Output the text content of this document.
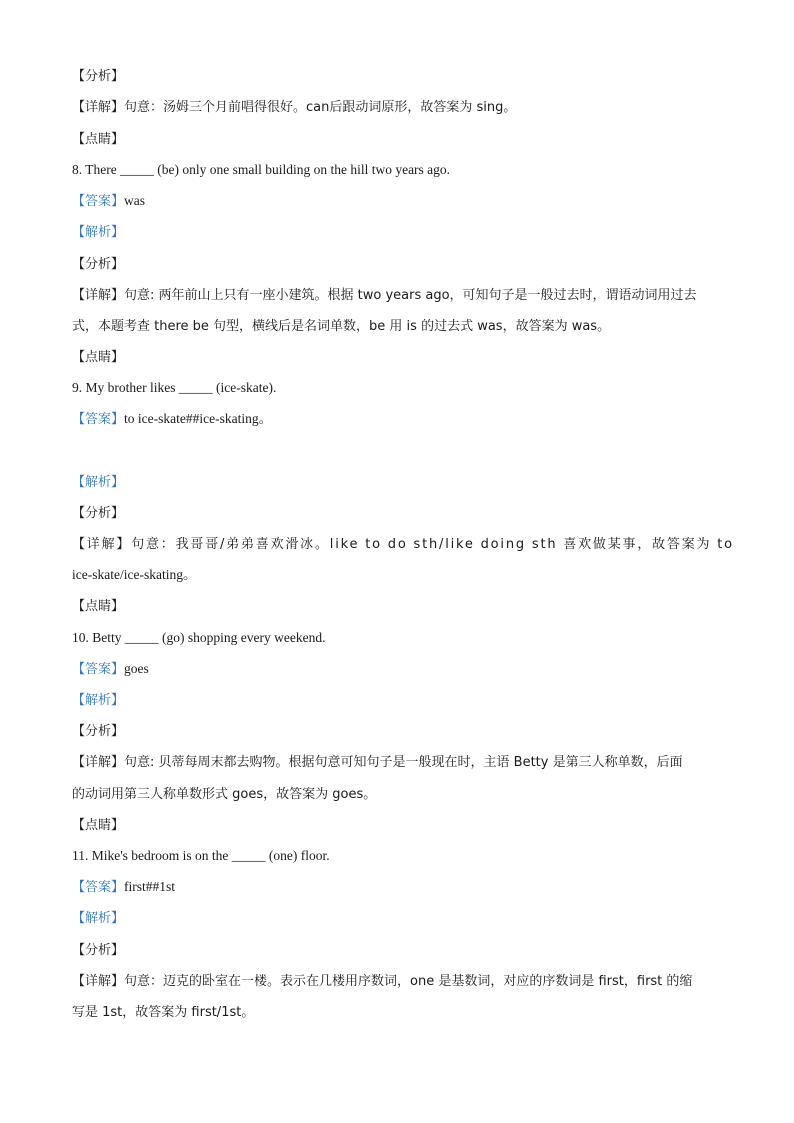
【分析】
【详解】句意：汤姆三个月前唱得很好。can后跟动词原形，故答案为 sing。
【点睛】
8. There _____ (be) only one small building on the hill two years ago.
【答案】was
【解析】
【分析】
【详解】句意: 两年前山上只有一座小建筑。根据 two years ago，可知句子是一般过去时，谓语动词用过去
式，本题考查 there be 句型，横线后是名词单数，be 用 is 的过去式 was，故答案为 was。
【点睛】
9. My brother likes _____ (ice-skate).
【答案】to ice-skate##ice-skating。
【解析】
【分析】
【详解】句意：我哥哥/弟弟喜欢滑冰。like to do sth/like doing sth 喜欢做某事，故答案为 to
ice-skate/ice-skating。
【点睛】
10. Betty _____ (go) shopping every weekend.
【答案】goes
【解析】
【分析】
【详解】句意: 贝蒂每周末都去购物。根据句意可知句子是一般现在时，主语 Betty 是第三人称单数，后面
的动词用第三人称单数形式 goes，故答案为 goes。
【点睛】
11. Mike's bedroom is on the _____ (one) floor.
【答案】first##1st
【解析】
【分析】
【详解】句意：迈克的卧室在一楼。表示在几楼用序数词，one 是基数词，对应的序数词是 first，first 的缩
写是 1st，故答案为 first/1st。
